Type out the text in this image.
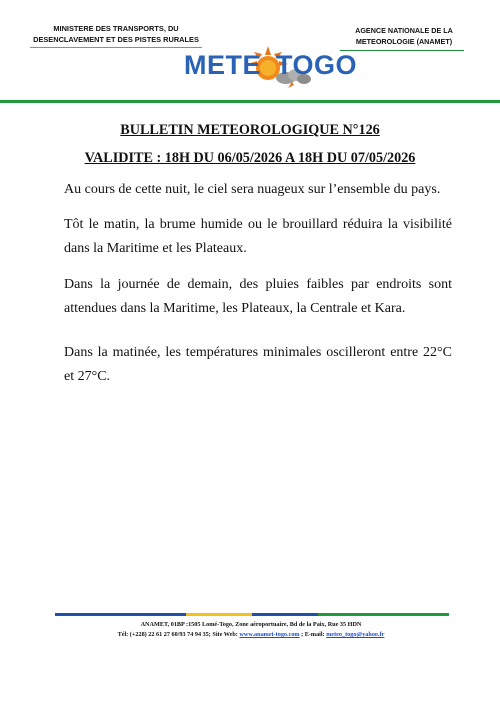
MINISTERE DES TRANSPORTS, DU
DESENCLAVEMENT ET DES PISTES RURALES
AGENCE NATIONALE DE LA
METEOROLOGIE (ANAMET)
METE TOGO
BULLETIN METEOROLOGIQUE N°126
VALIDITE : 18H DU 06/05/2026 A 18H DU 07/05/2026
Au cours de cette nuit, le ciel sera nuageux sur l’ensemble du pays.
Tôt le matin, la brume humide ou le brouillard réduira la visibilité dans la Maritime et les Plateaux.
Dans la journée de demain, des pluies faibles par endroits sont attendues dans la Maritime, les Plateaux, la Centrale et Kara.
Dans la matinée, les températures minimales oscilleront entre 22°C et 27°C.
ANAMET, 01BP :1505 Lomé-Togo, Zone aéroportuaire, Bd de la Paix, Rue 35 HDN
Tél: (+228) 22 61 27 60/93 74 94 35; Site Web: www.anamet-togo.com ; E-mail: meteo_togo@yahoo.fr
